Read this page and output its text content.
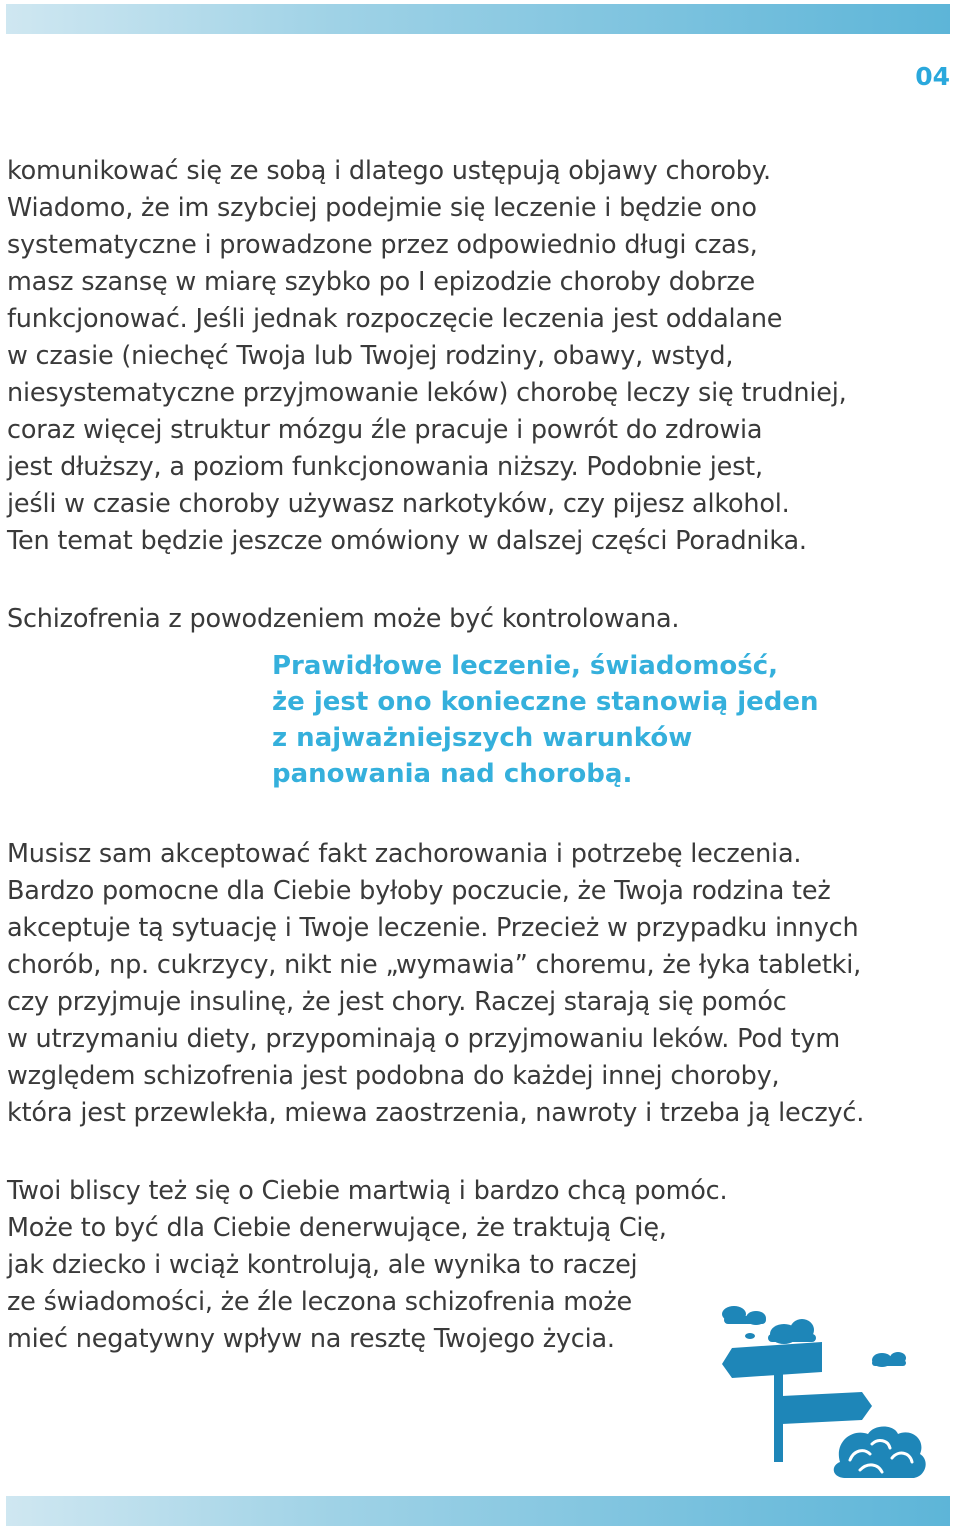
04
komunikować się ze sobą i dlatego ustępują objawy choroby.
Wiadomo, że im szybciej podejmie się leczenie i będzie ono
systematyczne i prowadzone przez odpowiednio długi czas,
masz szansę w miarę szybko po I epizodzie choroby dobrze
funkcjonować. Jeśli jednak rozpoczęcie leczenia jest oddalane
w czasie (niechęć Twoja lub Twojej rodziny, obawy, wstyd,
niesystematyczne przyjmowanie leków) chorobę leczy się trudniej,
coraz więcej struktur mózgu źle pracuje i powrót do zdrowia
jest dłuższy, a poziom funkcjonowania niższy. Podobnie jest,
jeśli w czasie choroby używasz narkotyków, czy pijesz alkohol.
Ten temat będzie jeszcze omówiony w dalszej części Poradnika.
Schizofrenia z powodzeniem może być kontrolowana.
Prawidłowe leczenie, świadomość,
że jest ono konieczne stanowią jeden
z najważniejszych warunków
panowania nad chorobą.
Musisz sam akceptować fakt zachorowania i potrzebę leczenia.
Bardzo pomocne dla Ciebie byłoby poczucie, że Twoja rodzina też
akceptuje tą sytuację i Twoje leczenie. Przecież w przypadku innych
chorób, np. cukrzycy, nikt nie „wymawia” choremu, że łyka tabletki,
czy przyjmuje insulinę, że jest chory. Raczej starają się pomóc
w utrzymaniu diety, przypominają o przyjmowaniu leków. Pod tym
względem schizofrenia jest podobna do każdej innej choroby,
która jest przewlekła, miewa zaostrzenia, nawroty i trzeba ją leczyć.
Twoi bliscy też się o Ciebie martwią i bardzo chcą pomóc.
Może to być dla Ciebie denerwujące, że traktują Cię,
jak dziecko i wciąż kontrolują, ale wynika to raczej
ze świadomości, że źle leczona schizofrenia może
mieć negatywny wpływ na resztę Twojego życia.
